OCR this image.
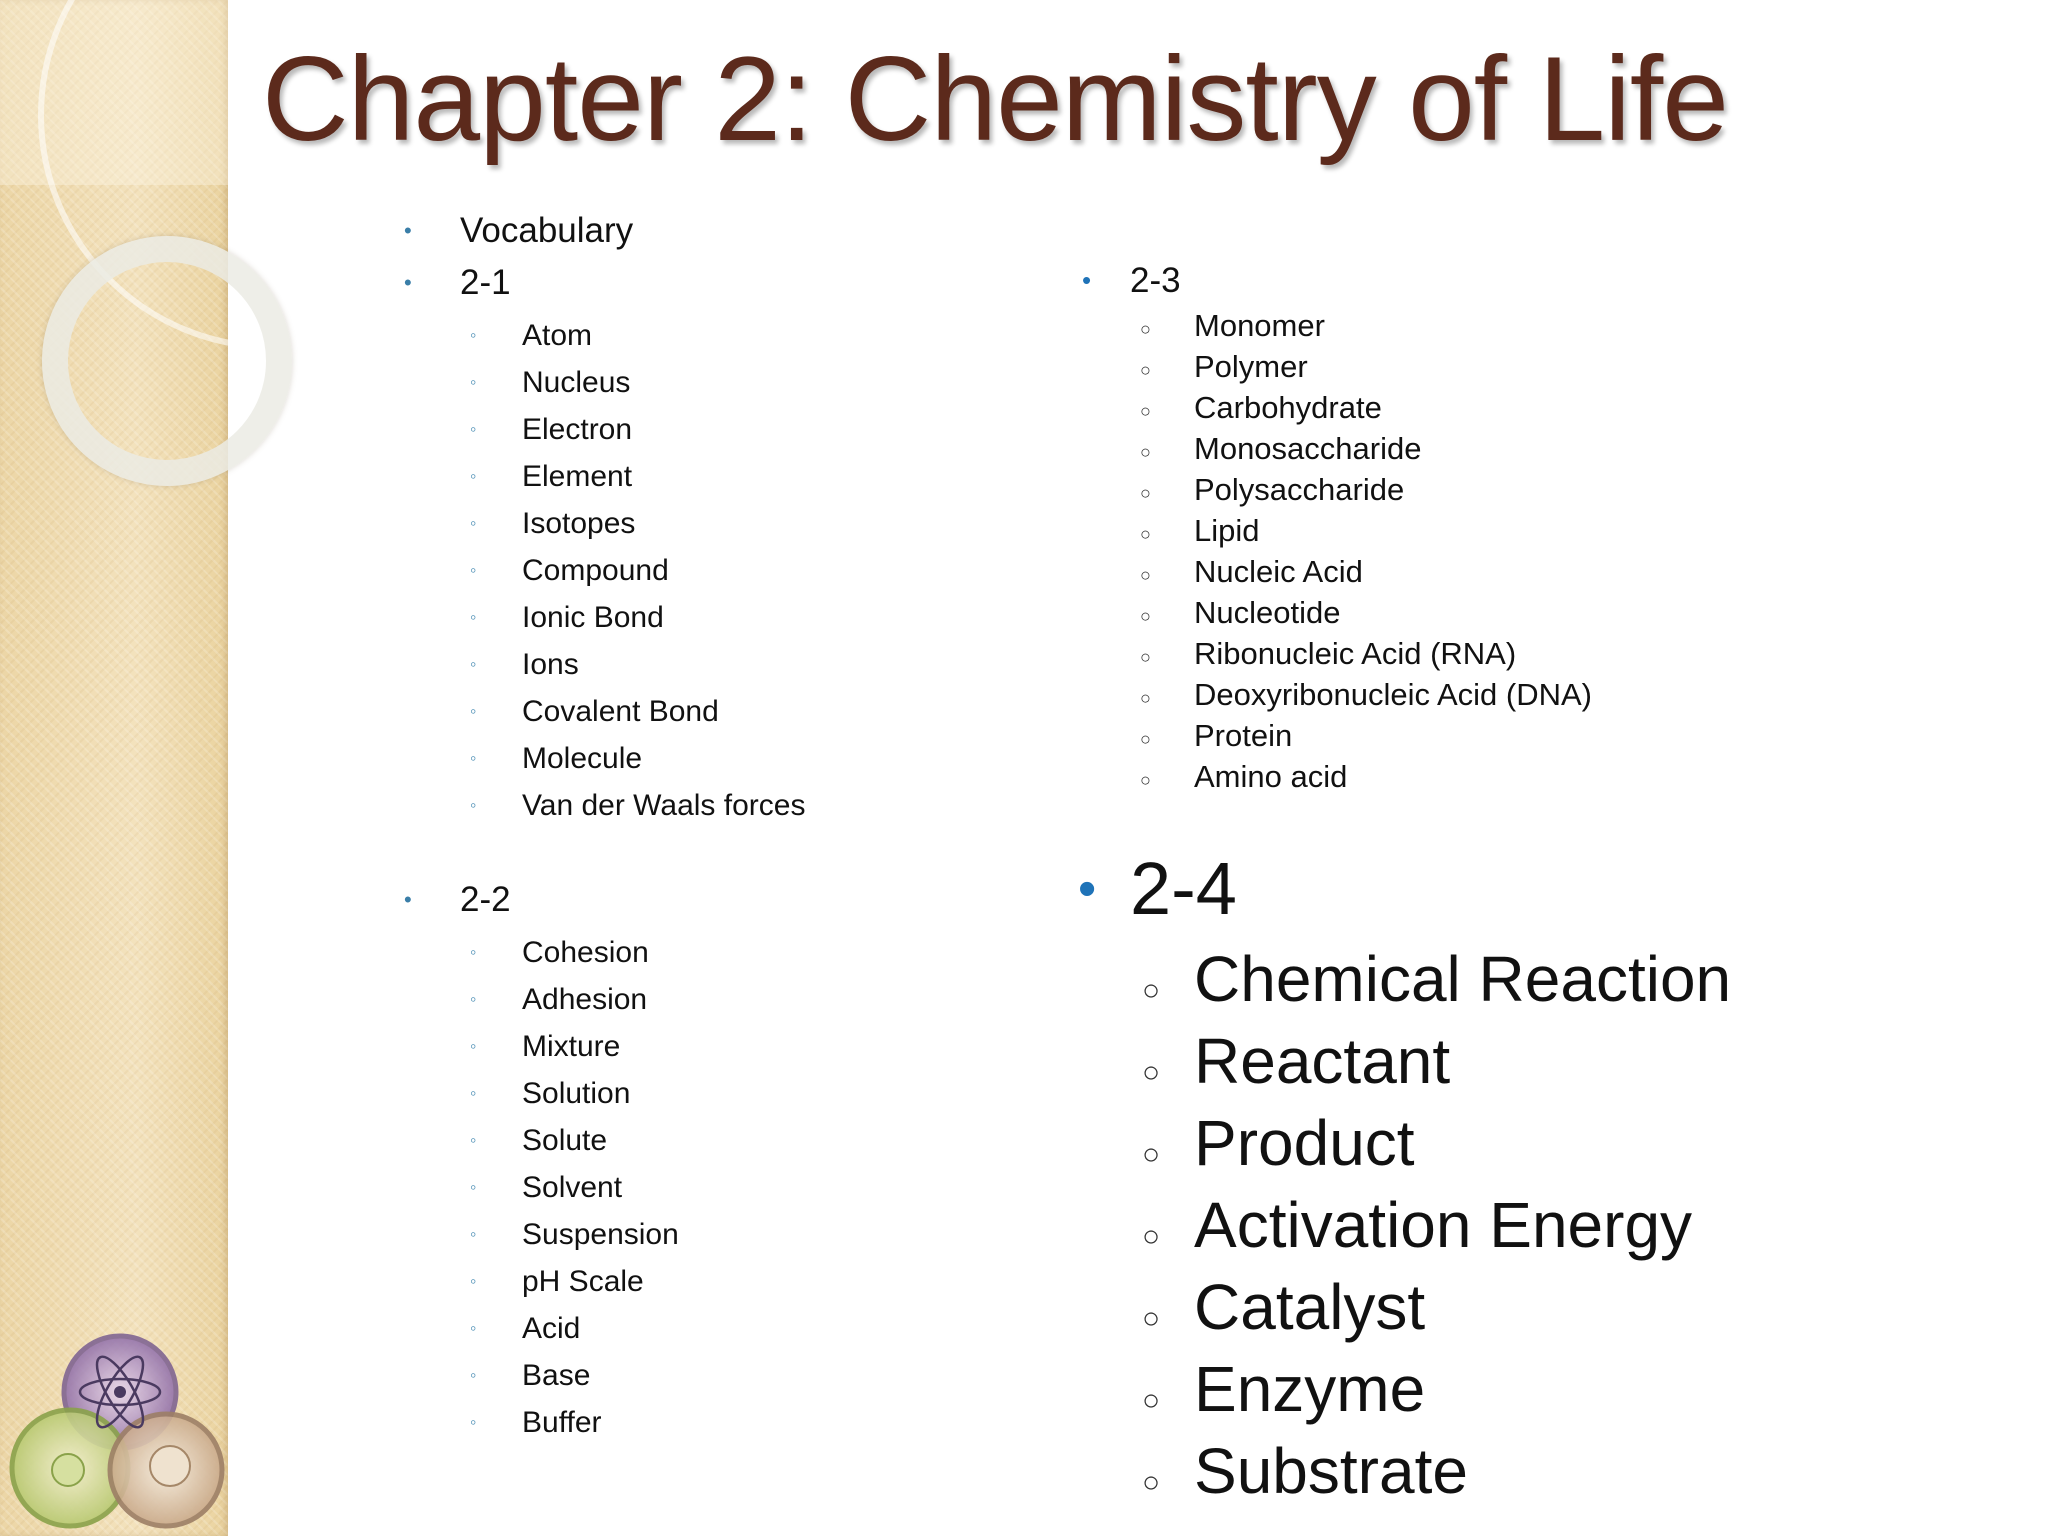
Chapter 2: Chemistry of Life
• Vocabulary
• 2-1
◦ Atom
◦ Nucleus
◦ Electron
◦ Element
◦ Isotopes
◦ Compound
◦ Ionic Bond
◦ Ions
◦ Covalent Bond
◦ Molecule
◦ Van der Waals forces
• 2-2
◦ Cohesion
◦ Adhesion
◦ Mixture
◦ Solution
◦ Solute
◦ Solvent
◦ Suspension
◦ pH Scale
◦ Acid
◦ Base
◦ Buffer
• 2-3
○ Monomer
○ Polymer
○ Carbohydrate
○ Monosaccharide
○ Polysaccharide
○ Lipid
○ Nucleic Acid
○ Nucleotide
○ Ribonucleic Acid (RNA)
○ Deoxyribonucleic Acid (DNA)
○ Protein
○ Amino acid
• 2-4
○ Chemical Reaction
○ Reactant
○ Product
○ Activation Energy
○ Catalyst
○ Enzyme
○ Substrate
